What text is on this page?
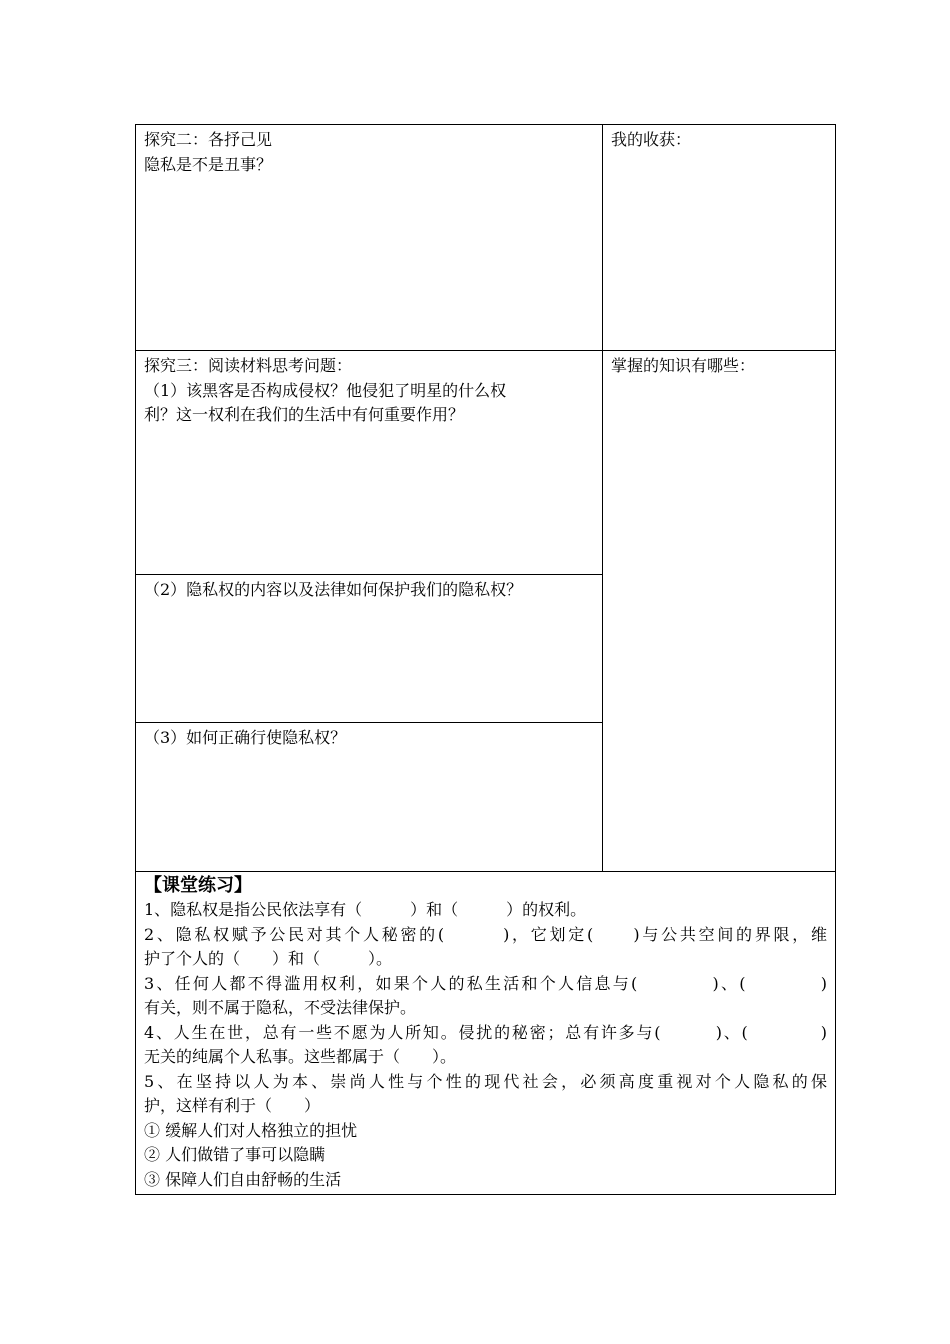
探究二：各抒己见
隐私是不是丑事？
我的收获：
探究三：阅读材料思考问题：
（1）该黑客是否构成侵权？他侵犯了明星的什么权
利？这一权利在我们的生活中有何重要作用？
掌握的知识有哪些：
（2）隐私权的内容以及法律如何保护我们的隐私权？
（3）如何正确行使隐私权？
【课堂练习】
1、隐私权是指公民依法享有（　　　）和（　　　）的权利。
2、隐私权赋予公民对其个人秘密的(　　　)，它划定(　　)与公共空间的界限，维
护了个人的（　　）和（　　　）。
3、任何人都不得滥用权利，如果个人的私生活和个人信息与(　　　　)、(　　　　)
有关，则不属于隐私，不受法律保护。
4、人生在世，总有一些不愿为人所知。侵扰的秘密；总有许多与(　　　)、(　　　　)
无关的纯属个人私事。这些都属于（　　）。
5、在坚持以人为本、崇尚人性与个性的现代社会，必须高度重视对个人隐私的保
护，这样有利于（　　）
① 缓解人们对人格独立的担忧
② 人们做错了事可以隐瞒
③ 保障人们自由舒畅的生活
